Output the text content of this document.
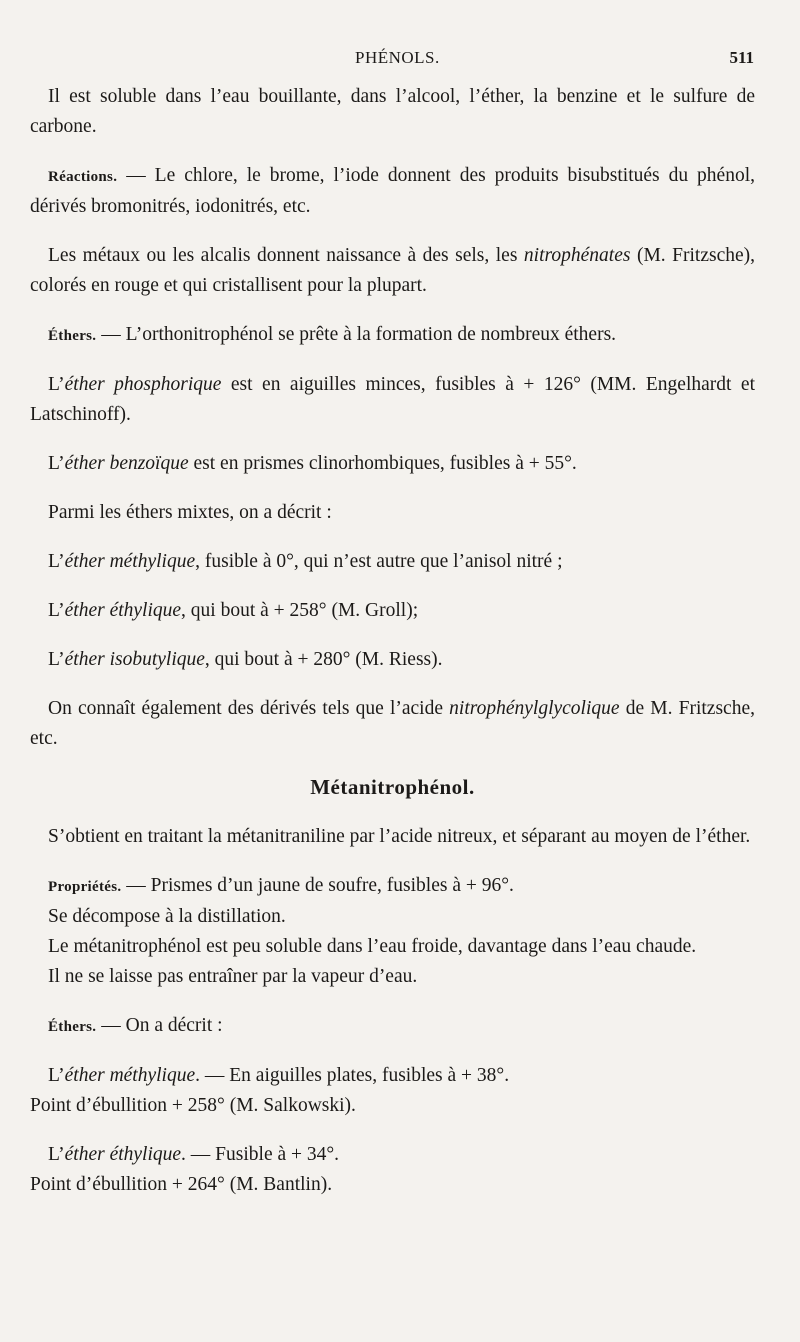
PHÉNOLS.	511

Il est soluble dans l’eau bouillante, dans l’alcool, l’éther, la benzine et le sulfure de carbone.

Réactions. — Le chlore, le brome, l’iode donnent des produits bisubstitués du phénol, dérivés bromonitrés, iodonitrés, etc.

Les métaux ou les alcalis donnent naissance à des sels, les nitrophénates (M. Fritzsche), colorés en rouge et qui cristallisent pour la plupart.

Éthers. — L’orthonitrophénol se prête à la formation de nombreux éthers.

L’éther phosphorique est en aiguilles minces, fusibles à + 126° (MM. Engelhardt et Latschinoff).

L’éther benzoïque est en prismes clinorhombiques, fusibles à + 55°.

Parmi les éthers mixtes, on a décrit :

L’éther méthylique, fusible à 0°, qui n’est autre que l’anisol nitré ;

L’éther éthylique, qui bout à + 258° (M. Groll);

L’éther isobutylique, qui bout à + 280° (M. Riess).

On connaît également des dérivés tels que l’acide nitrophénylglycolique de M. Fritzsche, etc.

Métanitrophénol.

S’obtient en traitant la métanitraniline par l’acide nitreux, et séparant au moyen de l’éther.

Propriétés. — Prismes d’un jaune de soufre, fusibles à + 96°.

Se décompose à la distillation.

Le métanitrophénol est peu soluble dans l’eau froide, davantage dans l’eau chaude.

Il ne se laisse pas entraîner par la vapeur d’eau.

Éthers. — On a décrit :

L’éther méthylique. — En aiguilles plates, fusibles à + 38°.
Point d’ébullition + 258° (M. Salkowski).

L’éther éthylique. — Fusible à + 34°.
Point d’ébullition + 264° (M. Bantlin).
